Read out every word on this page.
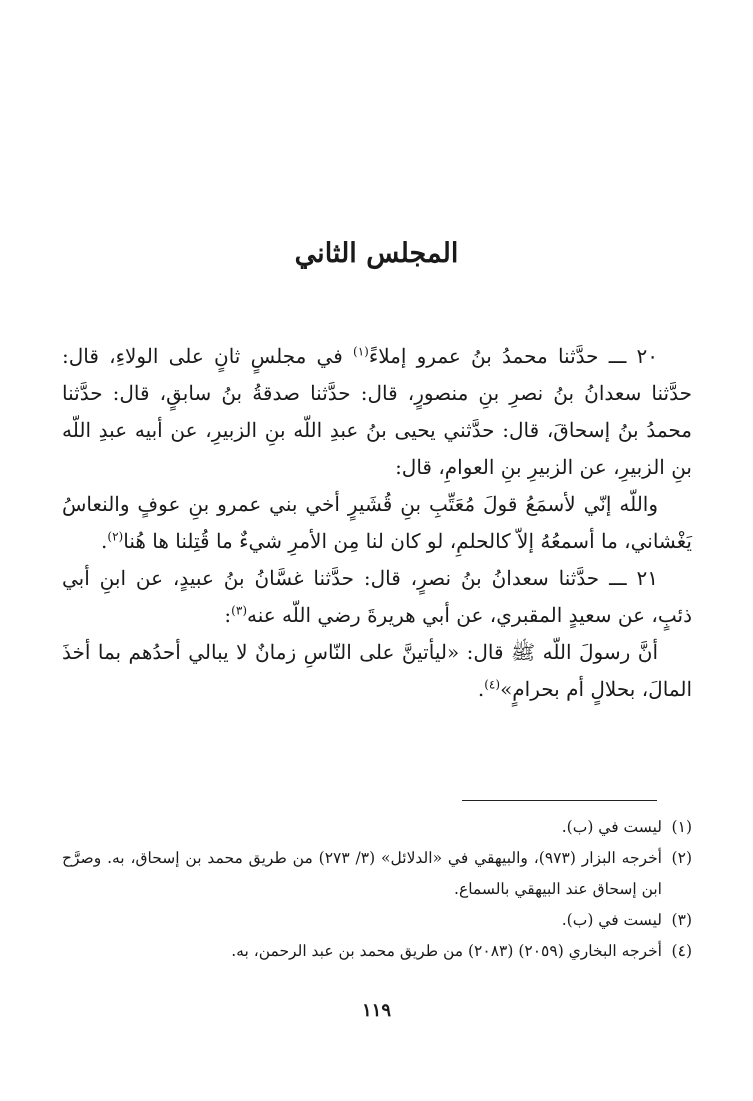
المجلس الثاني

٢٠ ـــ حدَّثنا محمدُ بنُ عمرو إملاءً$^{(١)}$ في مجلسٍ ثانٍ على الولاءِ، قال: حدَّثنا سعدانُ بنُ نصرِ بنِ منصورٍ، قال: حدَّثنا صدقةُ بنُ سابقٍ، قال: حدَّثنا محمدُ بنُ إسحاقَ، قال: حدَّثني يحيى بنُ عبدِ اللّه بنِ الزبيرِ، عن أبيه عبدِ اللّه بنِ الزبيرِ، عن الزبيرِ بنِ العوامِ، قال:

واللّه إنّي لأسمَعُ قولَ مُعَتِّبِ بنِ قُشَيرٍ أخي بني عمرو بنِ عوفٍ والنعاسُ يَغْشاني، ما أسمعُهُ إلاّ كالحلمِ، لو كان لنا مِن الأمرِ شيءٌ ما قُتِلنا ها هُنا$^{(٢)}$.

٢١ ـــ حدَّثنا سعدانُ بنُ نصرٍ، قال: حدَّثنا غسَّانُ بنُ عبيدٍ، عن ابنِ أبي ذئبٍ، عن سعيدٍ المقبري، عن أبي هريرةَ رضي اللّه عنه$^{(٣)}$:

أنَّ رسولَ اللّه ﷺ قال: «ليأتينَّ على النّاسِ زمانٌ لا يبالي أحدُهم بما أخذَ المالَ، بحلالٍ أم بحرامٍ»$^{(٤)}$.

(١)
ليست في (ب).
(٢)
أخرجه البزار (٩٧٣)، والبيهقي في «الدلائل» (٣/ ٢٧٣) من طريق محمد بن إسحاق، به. وصرَّح ابن إسحاق عند البيهقي بالسماع.
(٣)
ليست في (ب).
(٤)
أخرجه البخاري (٢٠٥٩) (٢٠٨٣) من طريق محمد بن عبد الرحمن، به.
١١٩
